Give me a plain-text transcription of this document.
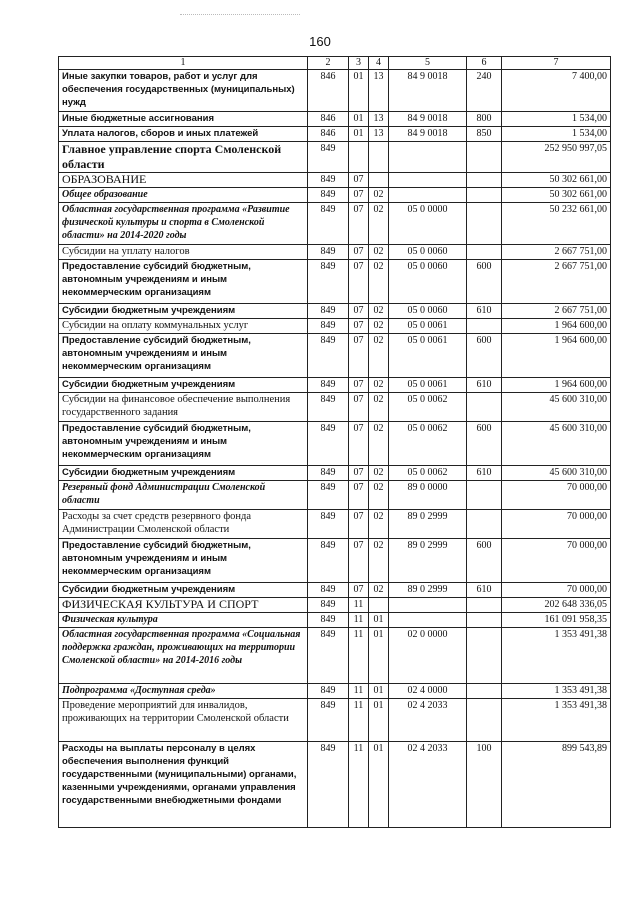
160
1	2	3	4	5	6	7
Иные закупки товаров, работ и услуг для обеспечения государственных (муниципальных) нужд	846	01	13	84 9 0018	240	7 400,00
Иные бюджетные ассигнования	846	01	13	84 9 0018	800	1 534,00
Уплата налогов, сборов и иных платежей	846	01	13	84 9 0018	850	1 534,00
Главное управление спорта Смоленской области	849					252 950 997,05
ОБРАЗОВАНИЕ	849	07				50 302 661,00
Общее образование	849	07	02			50 302 661,00
Областная государственная программа «Развитие физической культуры и спорта в Смоленской области» на 2014-2020 годы	849	07	02	05 0 0000		50 232 661,00
Субсидии на уплату налогов	849	07	02	05 0 0060		2 667 751,00
Предоставление субсидий бюджетным, автономным учреждениям и иным некоммерческим организациям	849	07	02	05 0 0060	600	2 667 751,00
Субсидии бюджетным учреждениям	849	07	02	05 0 0060	610	2 667 751,00
Субсидии на оплату коммунальных услуг	849	07	02	05 0 0061		1 964 600,00
Предоставление субсидий бюджетным, автономным учреждениям и иным некоммерческим организациям	849	07	02	05 0 0061	600	1 964 600,00
Субсидии бюджетным учреждениям	849	07	02	05 0 0061	610	1 964 600,00
Субсидии на финансовое обеспечение выполнения государственного задания	849	07	02	05 0 0062		45 600 310,00
Предоставление субсидий бюджетным, автономным учреждениям и иным некоммерческим организациям	849	07	02	05 0 0062	600	45 600 310,00
Субсидии бюджетным учреждениям	849	07	02	05 0 0062	610	45 600 310,00
Резервный фонд Администрации Смоленской области	849	07	02	89 0 0000		70 000,00
Расходы за счет средств резервного фонда Администрации Смоленской области	849	07	02	89 0 2999		70 000,00
Предоставление субсидий бюджетным, автономным учреждениям и иным некоммерческим организациям	849	07	02	89 0 2999	600	70 000,00
Субсидии бюджетным учреждениям	849	07	02	89 0 2999	610	70 000,00
ФИЗИЧЕСКАЯ КУЛЬТУРА И СПОРТ	849	11				202 648 336,05
Физическая культура	849	11	01			161 091 958,35
Областная государственная программа «Социальная поддержка граждан, проживающих на территории Смоленской области» на 2014-2016 годы	849	11	01	02 0 0000		1 353 491,38
Подпрограмма «Доступная среда»	849	11	01	02 4 0000		1 353 491,38
Проведение мероприятий для инвалидов, проживающих на территории Смоленской области	849	11	01	02 4 2033		1 353 491,38
Расходы на выплаты персоналу в целях обеспечения выполнения функций государственными (муниципальными) органами, казенными учреждениями, органами управления государственными внебюджетными фондами	849	11	01	02 4 2033	100	899 543,89
